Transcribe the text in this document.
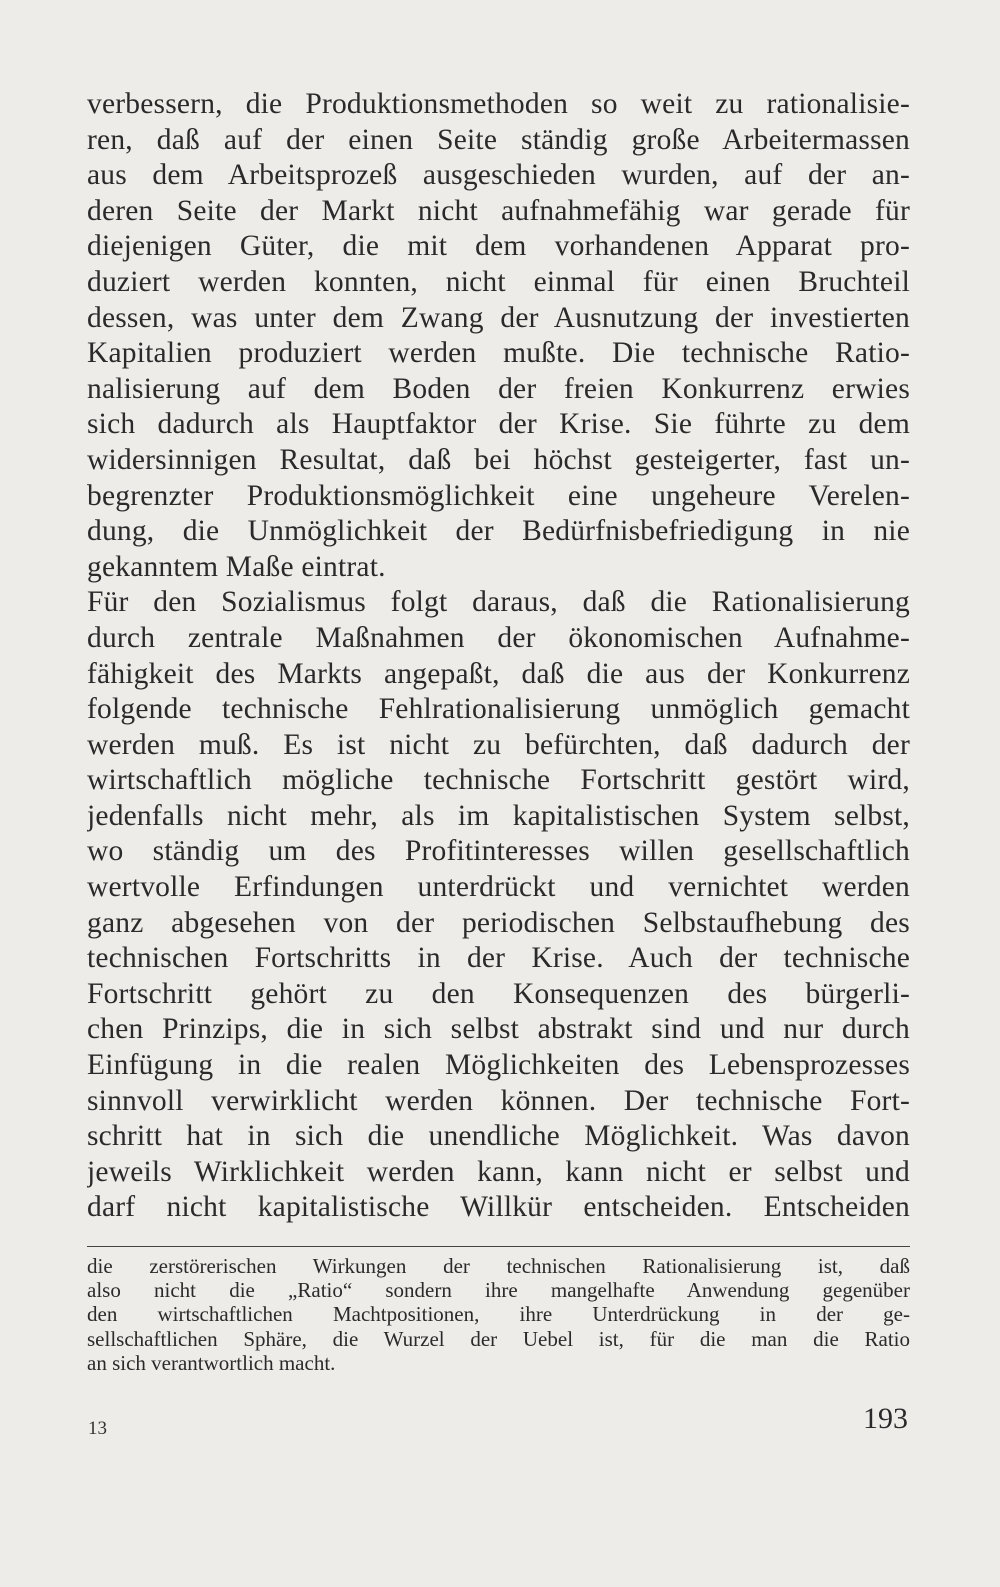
verbessern, die Produktionsmethoden so weit zu rationalisie-
ren, daß auf der einen Seite ständig große Arbeitermassen
aus dem Arbeitsprozeß ausgeschieden wurden, auf der an-
deren Seite der Markt nicht aufnahmefähig war gerade für
diejenigen Güter, die mit dem vorhandenen Apparat pro-
duziert werden konnten, nicht einmal für einen Bruchteil
dessen, was unter dem Zwang der Ausnutzung der investierten
Kapitalien produziert werden mußte. Die technische Ratio-
nalisierung auf dem Boden der freien Konkurrenz erwies
sich dadurch als Hauptfaktor der Krise. Sie führte zu dem
widersinnigen Resultat, daß bei höchst gesteigerter, fast un-
begrenzter Produktionsmöglichkeit eine ungeheure Verelen-
dung, die Unmöglichkeit der Bedürfnisbefriedigung in nie
gekanntem Maße eintrat.
Für den Sozialismus folgt daraus, daß die Rationalisierung
durch zentrale Maßnahmen der ökonomischen Aufnahme-
fähigkeit des Markts angepaßt, daß die aus der Konkurrenz
folgende technische Fehlrationalisierung unmöglich gemacht
werden muß. Es ist nicht zu befürchten, daß dadurch der
wirtschaftlich mögliche technische Fortschritt gestört wird,
jedenfalls nicht mehr, als im kapitalistischen System selbst,
wo ständig um des Profitinteresses willen gesellschaftlich
wertvolle Erfindungen unterdrückt und vernichtet werden
ganz abgesehen von der periodischen Selbstaufhebung des
technischen Fortschritts in der Krise. Auch der technische
Fortschritt gehört zu den Konsequenzen des bürgerli-
chen Prinzips, die in sich selbst abstrakt sind und nur durch
Einfügung in die realen Möglichkeiten des Lebensprozesses
sinnvoll verwirklicht werden können. Der technische Fort-
schritt hat in sich die unendliche Möglichkeit. Was davon
jeweils Wirklichkeit werden kann, kann nicht er selbst und
darf nicht kapitalistische Willkür entscheiden. Entscheiden
die zerstörerischen Wirkungen der technischen Rationalisierung ist, daß
also nicht die „Ratio“ sondern ihre mangelhafte Anwendung gegenüber
den wirtschaftlichen Machtpositionen, ihre Unterdrückung in der ge-
sellschaftlichen Sphäre, die Wurzel der Uebel ist, für die man die Ratio
an sich verantwortlich macht.
13	193
